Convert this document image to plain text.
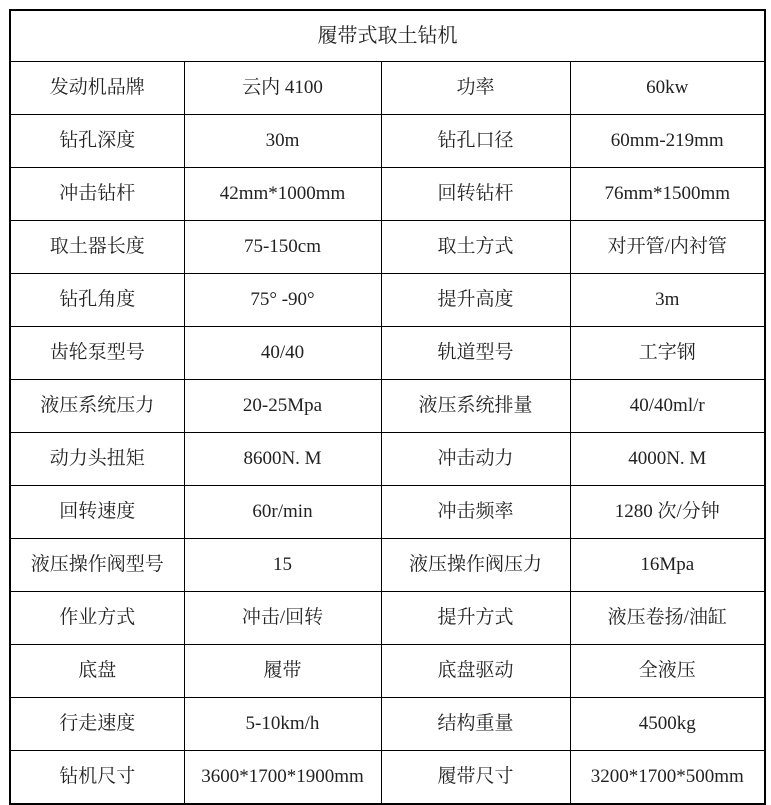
履带式取土钻机			
发动机品牌	云内 4100	功率	60kw
钻孔深度	30m	钻孔口径	60mm-219mm
冲击钻杆	42mm*1000mm	回转钻杆	76mm*1500mm
取土器长度	75-150cm	取土方式	对开管/内衬管
钻孔角度	75° -90°	提升高度	3m
齿轮泵型号	40/40	轨道型号	工字钢
液压系统压力	20-25Mpa	液压系统排量	40/40ml/r
动力头扭矩	8600N. M	冲击动力	4000N. M
回转速度	60r/min	冲击频率	1280 次/分钟
液压操作阀型号	15	液压操作阀压力	16Mpa
作业方式	冲击/回转	提升方式	液压卷扬/油缸
底盘	履带	底盘驱动	全液压
行走速度	5-10km/h	结构重量	4500kg
钻机尺寸	3600*1700*1900mm	履带尺寸	3200*1700*500mm
